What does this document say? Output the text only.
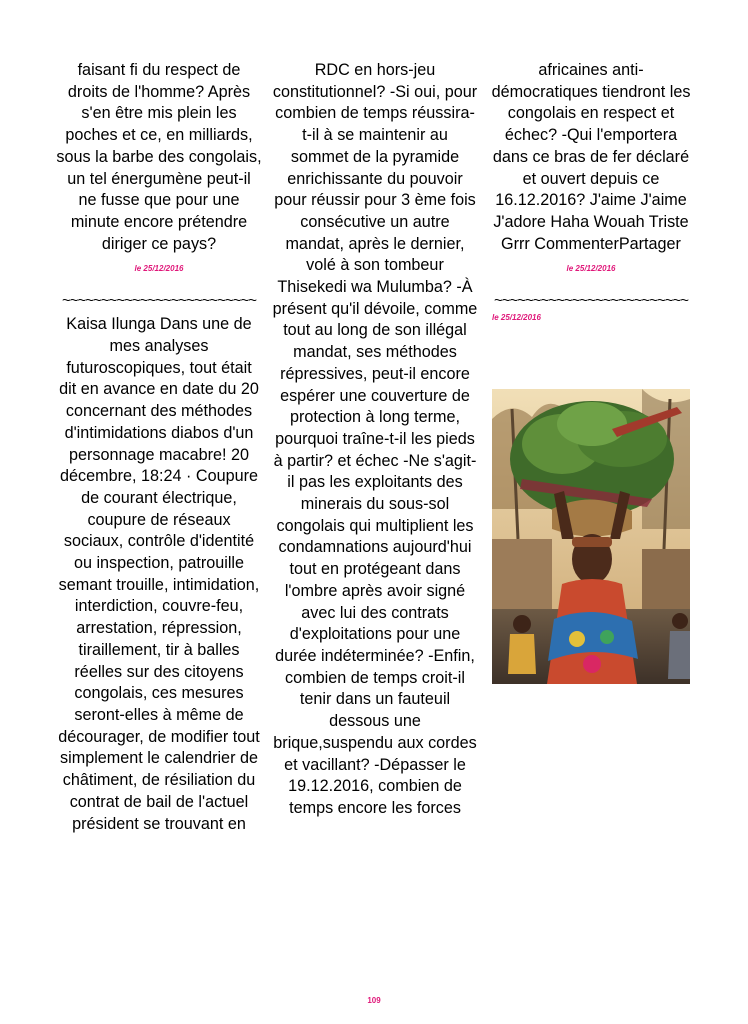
faisant fi du respect de droits de l'homme? Après s'en être mis plein les poches et ce, en milliards, sous la barbe des congolais, un tel énergumène peut-il ne fusse que pour une minute encore prétendre diriger ce pays?

le 25/12/2016

~~~~~~~~~~~~~~~~~~~~~~~~~

Kaisa Ilunga Dans une de mes analyses futuroscopiques, tout était dit en avance en date du 20 concernant des méthodes d'intimidations diabos d'un personnage macabre! 20 décembre, 18:24 · Coupure de courant électrique, coupure de réseaux sociaux, contrôle d'identité ou inspection, patrouille semant trouille, intimidation, interdiction, couvre-feu, arrestation, répression, tiraillement, tir à balles réelles sur des citoyens congolais, ces mesures seront-elles à même de décourager, de modifier tout simplement le calendrier de châtiment, de résiliation du contrat de bail de l'actuel président se trouvant en

RDC en hors-jeu constitutionnel? -Si oui, pour combien de temps réussira-t-il à se maintenir au sommet de la pyramide enrichissante du pouvoir pour réussir pour 3 ème fois consécutive un autre mandat, après le dernier, volé à son tombeur Thisekedi wa Mulumba? -À présent qu'il dévoile, comme tout au long de son illégal mandat, ses méthodes répressives, peut-il encore espérer une couverture de protection à long terme, pourquoi traîne-t-il les pieds à partir? et échec -Ne s'agit-il pas les exploitants des minerais du sous-sol congolais qui multiplient les condamnations aujourd'hui tout en protégeant dans l'ombre après avoir signé avec lui des contrats d'exploitations pour une durée indéterminée? -Enfin, combien de temps croit-il tenir dans un fauteuil dessous une brique,suspendu aux cordes et vacillant? -Dépasser le 19.12.2016, combien de temps encore les forces

africaines anti-démocratiques tiendront les congolais en respect et échec? -Qui l'emportera dans ce bras de fer déclaré et ouvert depuis ce 16.12.2016? J'aime J'aime J'adore Haha Wouah Triste Grrr CommenterPartager

le 25/12/2016

~~~~~~~~~~~~~~~~~~~~~~~~~

le 25/12/2016

109
